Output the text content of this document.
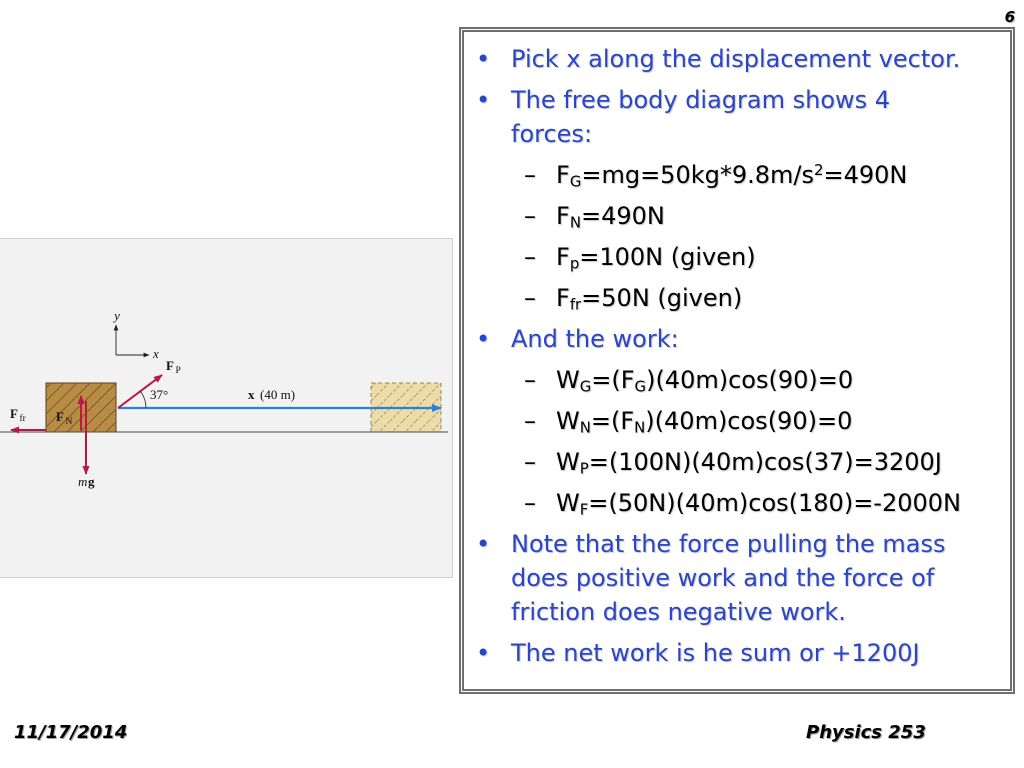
6
y
x
x (40 m)
37°
F P
F fr F N
m g
• Pick x along the displacement vector.
• The free body diagram shows 4
forces:
– $F_G=mg=50kg*9.8m/s^2=490N$
– $F_N=490N$
– $F_p=100N$ (given)
– $F_{fr}=50N$ (given)
• And the work:
– $W_G=(F_G)(40m)\cos(90)=0$
– $W_N=(F_N)(40m)\cos(90)=0$
– $W_P=(100N)(40m)\cos(37)=3200J$
– $W_F=(50N)(40m)\cos(180)=-2000N$
• Note that the force pulling the mass
does positive work and the force of
friction does negative work.
• The net work is he sum or +1200J
11/17/2014	Physics 253
